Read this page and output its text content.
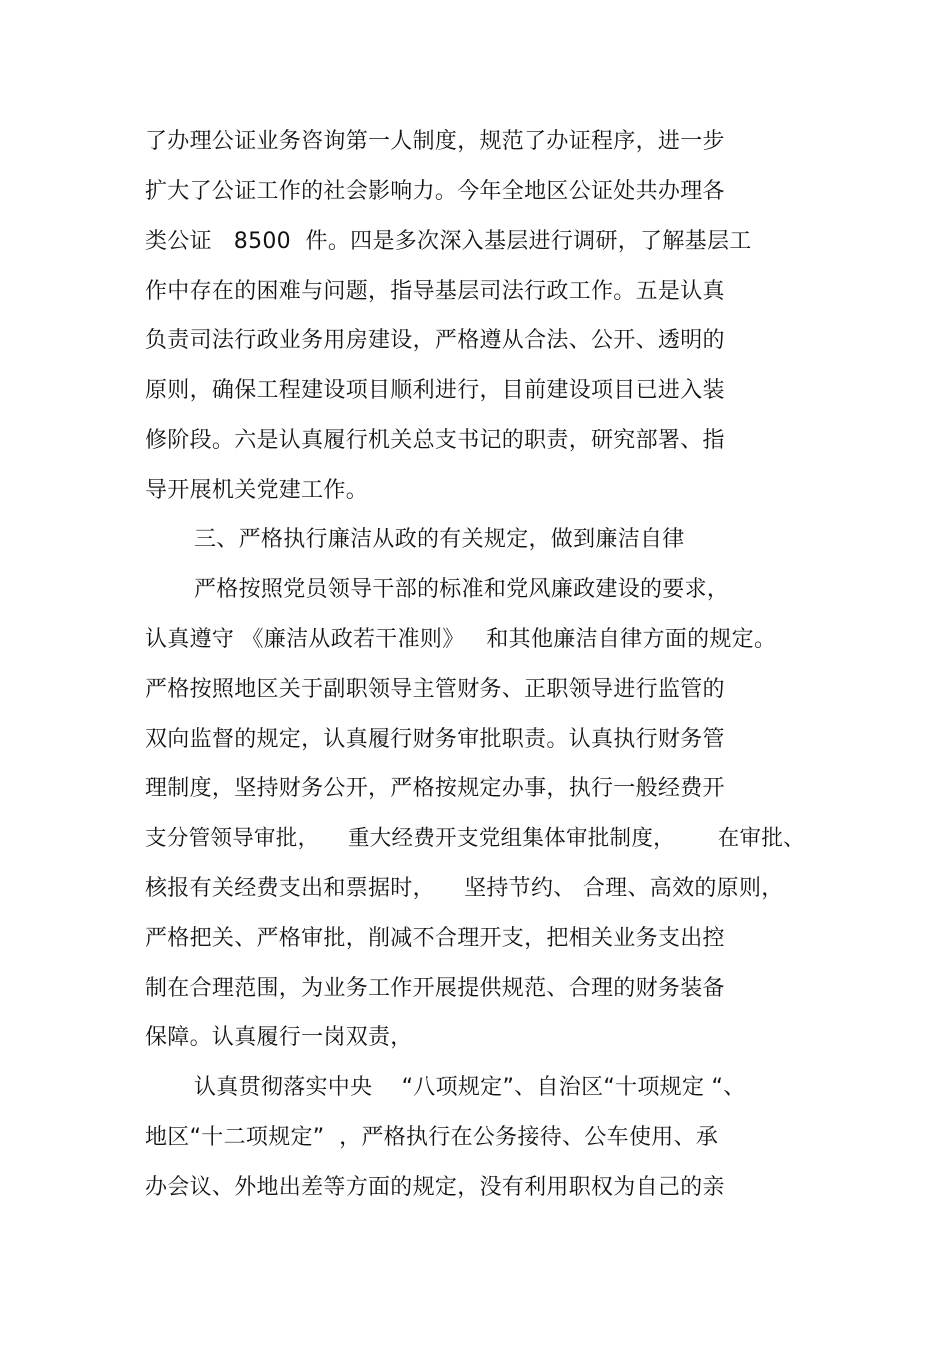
了办理公证业务咨询第一人制度，规范了办证程序，进一步
扩大了公证工作的社会影响力。今年全地区公证处共办理各
类公证   8500  件。四是多次深入基层进行调研，了解基层工
作中存在的困难与问题，指导基层司法行政工作。五是认真
负责司法行政业务用房建设，严格遵从合法、公开、透明的
原则，确保工程建设项目顺利进行，目前建设项目已进入装
修阶段。六是认真履行机关总支书记的职责，研究部署、指
导开展机关党建工作。
三、严格执行廉洁从政的有关规定，做到廉洁自律
严格按照党员领导干部的标准和党风廉政建设的要求，
认真遵守 《廉洁从政若干准则》   和其他廉洁自律方面的规定。
严格按照地区关于副职领导主管财务、正职领导进行监管的
双向监督的规定，认真履行财务审批职责。认真执行财务管
理制度，坚持财务公开，严格按规定办事，执行一般经费开
支分管领导审批，    重大经费开支党组集体审批制度，      在审批、
核报有关经费支出和票据时，    坚持节约、 合理、高效的原则，
严格把关、严格审批，削减不合理开支，把相关业务支出控
制在合理范围，为业务工作开展提供规范、合理的财务装备
保障。认真履行一岗双责，
认真贯彻落实中央    “八项规定”、自治区“十项规定 “、
地区“十二项规定”  ，严格执行在公务接待、公车使用、承
办会议、外地出差等方面的规定，没有利用职权为自己的亲
